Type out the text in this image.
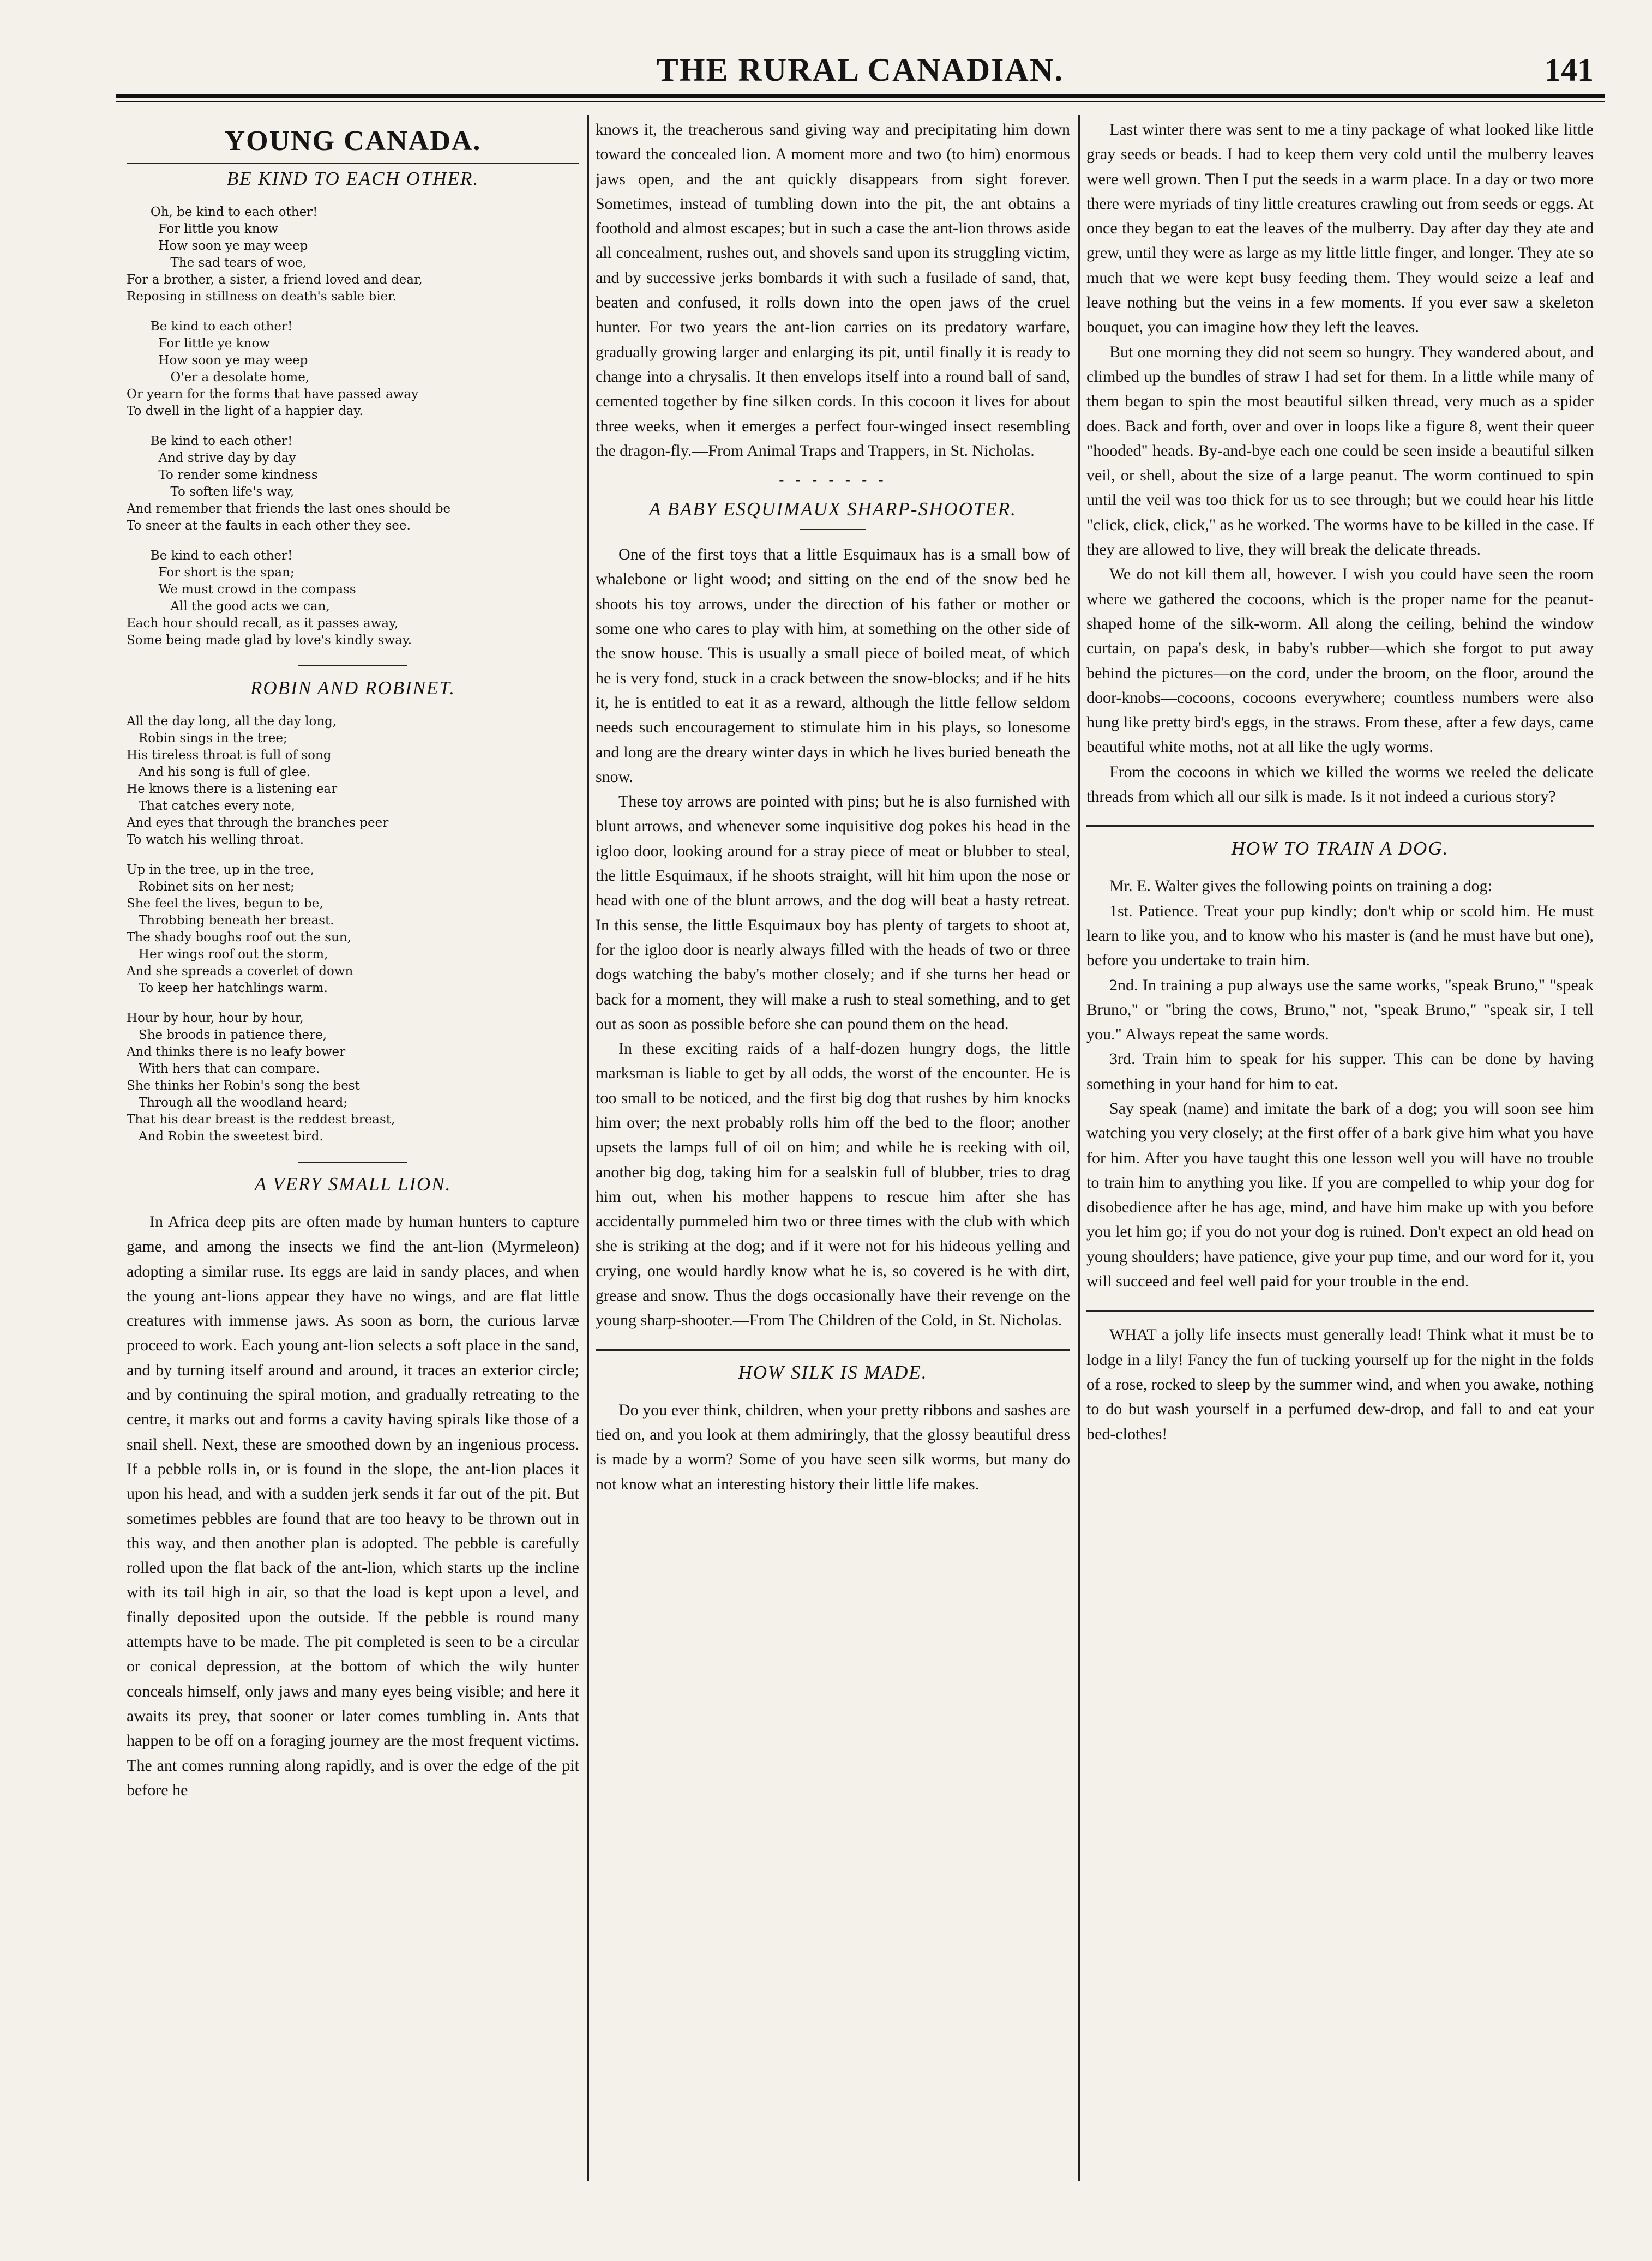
THE RURAL CANADIAN.	141
YOUNG CANADA.
BE KIND TO EACH OTHER.
Oh, be kind to each other!
For little you know
How soon ye may weep
The sad tears of woe,
For a brother, a sister, a friend loved and dear,
Reposing in stillness on death's sable bier.
Be kind to each other!
For little ye know
How soon ye may weep
O'er a desolate home,
Or yearn for the forms that have passed away
To dwell in the light of a happier day.
Be kind to each other!
And strive day by day
To render some kindness
To soften life's way,
And remember that friends the last ones should be
To sneer at the faults in each other they see.
Be kind to each other!
For short is the span;
We must crowd in the compass
All the good acts we can,
Each hour should recall, as it passes away,
Some being made glad by love's kindly sway.
ROBIN AND ROBINET.
All the day long, all the day long,
Robin sings in the tree;
His tireless throat is full of song
And his song is full of glee.
He knows there is a listening ear
That catches every note,
And eyes that through the branches peer
To watch his welling throat.
Up in the tree, up in the tree,
Robinet sits on her nest;
She feel the lives, begun to be,
Throbbing beneath her breast.
The shady boughs roof out the sun,
Her wings roof out the storm,
And she spreads a coverlet of down
To keep her hatchlings warm.
Hour by hour, hour by hour,
She broods in patience there,
And thinks there is no leafy bower
With hers that can compare.
She thinks her Robin's song the best
Through all the woodland heard;
That his dear breast is the reddest breast,
And Robin the sweetest bird.
A VERY SMALL LION.

In Africa deep pits are often made by human hunters to capture game, and among the insects we find the ant-lion (Myrmeleon) adopting a similar ruse. Its eggs are laid in sandy places, and when the young ant-lions appear they have no wings, and are flat little creatures with immense jaws. As soon as born, the curious larvæ proceed to work. Each young ant-lion selects a soft place in the sand, and by turning itself around and around, it traces an exterior circle; and by continuing the spiral motion, and gradually retreating to the centre, it marks out and forms a cavity having spirals like those of a snail shell. Next, these are smoothed down by an ingenious process. If a pebble rolls in, or is found in the slope, the ant-lion places it upon his head, and with a sudden jerk sends it far out of the pit. But sometimes pebbles are found that are too heavy to be thrown out in this way, and then another plan is adopted. The pebble is carefully rolled upon the flat back of the ant-lion, which starts up the incline with its tail high in air, so that the load is kept upon a level, and finally deposited upon the outside. If the pebble is round many attempts have to be made. The pit completed is seen to be a circular or conical depression, at the bottom of which the wily hunter conceals himself, only jaws and many eyes being visible; and here it awaits its prey, that sooner or later comes tumbling in. Ants that happen to be off on a foraging journey are the most frequent victims. The ant comes running along rapidly, and is over the edge of the pit before he

knows it, the treacherous sand giving way and precipitating him down toward the concealed lion. A moment more and two (to him) enormous jaws open, and the ant quickly disappears from sight forever. Sometimes, instead of tumbling down into the pit, the ant obtains a foothold and almost escapes; but in such a case the ant-lion throws aside all concealment, rushes out, and shovels sand upon its struggling victim, and by successive jerks bombards it with such a fusilade of sand, that, beaten and confused, it rolls down into the open jaws of the cruel hunter. For two years the ant-lion carries on its predatory warfare, gradually growing larger and enlarging its pit, until finally it is ready to change into a chrysalis. It then envelops itself into a round ball of sand, cemented together by fine silken cords. In this cocoon it lives for about three weeks, when it emerges a perfect four-winged insect resembling the dragon-fly.—From Animal Traps and Trappers, in St. Nicholas.

- - - - - - -
A BABY ESQUIMAUX SHARP-SHOOTER.

One of the first toys that a little Esquimaux has is a small bow of whalebone or light wood; and sitting on the end of the snow bed he shoots his toy arrows, under the direction of his father or mother or some one who cares to play with him, at something on the other side of the snow house. This is usually a small piece of boiled meat, of which he is very fond, stuck in a crack between the snow-blocks; and if he hits it, he is entitled to eat it as a reward, although the little fellow seldom needs such encouragement to stimulate him in his plays, so lonesome and long are the dreary winter days in which he lives buried beneath the snow.

These toy arrows are pointed with pins; but he is also furnished with blunt arrows, and whenever some inquisitive dog pokes his head in the igloo door, looking around for a stray piece of meat or blubber to steal, the little Esquimaux, if he shoots straight, will hit him upon the nose or head with one of the blunt arrows, and the dog will beat a hasty retreat. In this sense, the little Esquimaux boy has plenty of targets to shoot at, for the igloo door is nearly always filled with the heads of two or three dogs watching the baby's mother closely; and if she turns her head or back for a moment, they will make a rush to steal something, and to get out as soon as possible before she can pound them on the head.

In these exciting raids of a half-dozen hungry dogs, the little marksman is liable to get by all odds, the worst of the encounter. He is too small to be noticed, and the first big dog that rushes by him knocks him over; the next probably rolls him off the bed to the floor; another upsets the lamps full of oil on him; and while he is reeking with oil, another big dog, taking him for a sealskin full of blubber, tries to drag him out, when his mother happens to rescue him after she has accidentally pummeled him two or three times with the club with which she is striking at the dog; and if it were not for his hideous yelling and crying, one would hardly know what he is, so covered is he with dirt, grease and snow. Thus the dogs occasionally have their revenge on the young sharp-shooter.—From The Children of the Cold, in St. Nicholas.

HOW SILK IS MADE.

Do you ever think, children, when your pretty ribbons and sashes are tied on, and you look at them admiringly, that the glossy beautiful dress is made by a worm? Some of you have seen silk worms, but many do not know what an interesting history their little life makes.

Last winter there was sent to me a tiny package of what looked like little gray seeds or beads. I had to keep them very cold until the mulberry leaves were well grown. Then I put the seeds in a warm place. In a day or two more there were myriads of tiny little creatures crawling out from seeds or eggs. At once they began to eat the leaves of the mulberry. Day after day they ate and grew, until they were as large as my little little finger, and longer. They ate so much that we were kept busy feeding them. They would seize a leaf and leave nothing but the veins in a few moments. If you ever saw a skeleton bouquet, you can imagine how they left the leaves.

But one morning they did not seem so hungry. They wandered about, and climbed up the bundles of straw I had set for them. In a little while many of them began to spin the most beautiful silken thread, very much as a spider does. Back and forth, over and over in loops like a figure 8, went their queer "hooded" heads. By-and-bye each one could be seen inside a beautiful silken veil, or shell, about the size of a large peanut. The worm continued to spin until the veil was too thick for us to see through; but we could hear his little "click, click, click," as he worked. The worms have to be killed in the case. If they are allowed to live, they will break the delicate threads.

We do not kill them all, however. I wish you could have seen the room where we gathered the cocoons, which is the proper name for the peanut-shaped home of the silk-worm. All along the ceiling, behind the window curtain, on papa's desk, in baby's rubber—which she forgot to put away behind the pictures—on the cord, under the broom, on the floor, around the door-knobs—cocoons, cocoons everywhere; countless numbers were also hung like pretty bird's eggs, in the straws. From these, after a few days, came beautiful white moths, not at all like the ugly worms.

From the cocoons in which we killed the worms we reeled the delicate threads from which all our silk is made. Is it not indeed a curious story?

HOW TO TRAIN A DOG.

Mr. E. Walter gives the following points on training a dog:

1st. Patience. Treat your pup kindly; don't whip or scold him. He must learn to like you, and to know who his master is (and he must have but one), before you undertake to train him.

2nd. In training a pup always use the same works, "speak Bruno," "speak Bruno," or "bring the cows, Bruno," not, "speak Bruno," "speak sir, I tell you." Always repeat the same words.

3rd. Train him to speak for his supper. This can be done by having something in your hand for him to eat.

Say speak (name) and imitate the bark of a dog; you will soon see him watching you very closely; at the first offer of a bark give him what you have for him. After you have taught this one lesson well you will have no trouble to train him to anything you like. If you are compelled to whip your dog for disobedience after he has age, mind, and have him make up with you before you let him go; if you do not your dog is ruined. Don't expect an old head on young shoulders; have patience, give your pup time, and our word for it, you will succeed and feel well paid for your trouble in the end.

WHAT a jolly life insects must generally lead! Think what it must be to lodge in a lily! Fancy the fun of tucking yourself up for the night in the folds of a rose, rocked to sleep by the summer wind, and when you awake, nothing to do but wash yourself in a perfumed dew-drop, and fall to and eat your bed-clothes!
